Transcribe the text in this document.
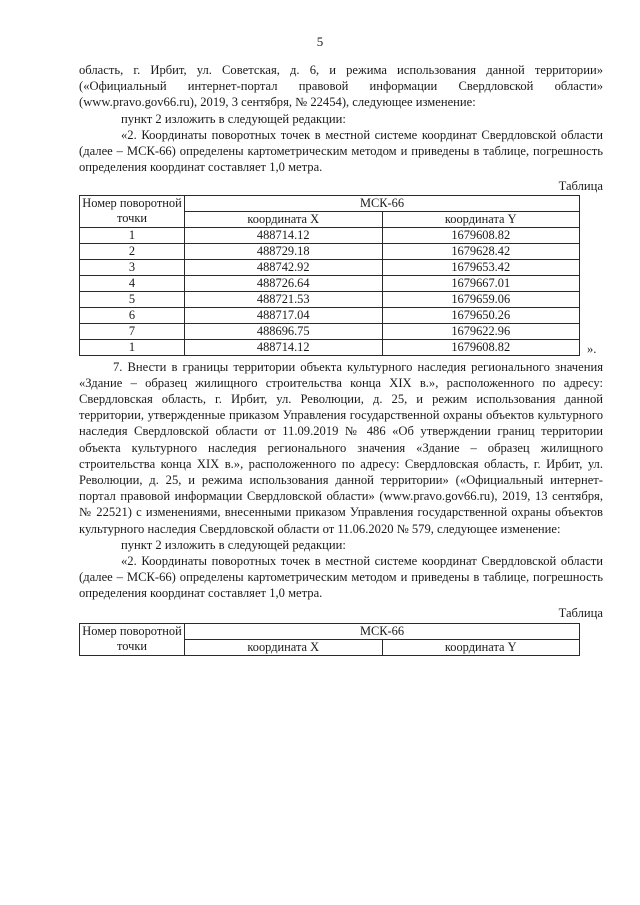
5

область, г. Ирбит, ул. Советская, д. 6, и режима использования данной территории» («Официальный интернет-портал правовой информации Свердловской области» (www.pravo.gov66.ru), 2019, 3 сентября, № 22454), следующее изменение:

пункт 2 изложить в следующей редакции:

«2. Координаты поворотных точек в местной системе координат Свердловской области (далее – МСК-66) определены картометрическим методом и приведены в таблице, погрешность определения координат составляет 1,0 метра.

Таблица
Номер поворотной точки	МСК-66	
	координата X	координата Y
1	488714.12	1679608.82
2	488729.18	1679628.42
3	488742.92	1679653.42
4	488726.64	1679667.01
5	488721.53	1679659.06
6	488717.04	1679650.26
7	488696.75	1679622.96
1	488714.12	1679608.82	».

7. Внести в границы территории объекта культурного наследия регионального значения «Здание – образец жилищного строительства конца XIX в.», расположенного по адресу: Свердловская область, г. Ирбит, ул. Революции, д. 25, и режим использования данной территории, утвержденные приказом Управления государственной охраны объектов культурного наследия Свердловской области от 11.09.2019 № 486 «Об утверждении границ территории объекта культурного наследия регионального значения «Здание – образец жилищного строительства конца XIX в.», расположенного по адресу: Свердловская область, г. Ирбит, ул. Революции, д. 25, и режима использования данной территории» («Официальный интернет-портал правовой информации Свердловской области» (www.pravo.gov66.ru), 2019, 13 сентября, № 22521) с изменениями, внесенными приказом Управления государственной охраны объектов культурного наследия Свердловской области от 11.06.2020 № 579, следующее изменение:

пункт 2 изложить в следующей редакции:

«2. Координаты поворотных точек в местной системе координат Свердловской области (далее – МСК-66) определены картометрическим методом и приведены в таблице, погрешность определения координат составляет 1,0 метра.

Таблица
Номер поворотной точки	МСК-66	
	координата X	координата Y
